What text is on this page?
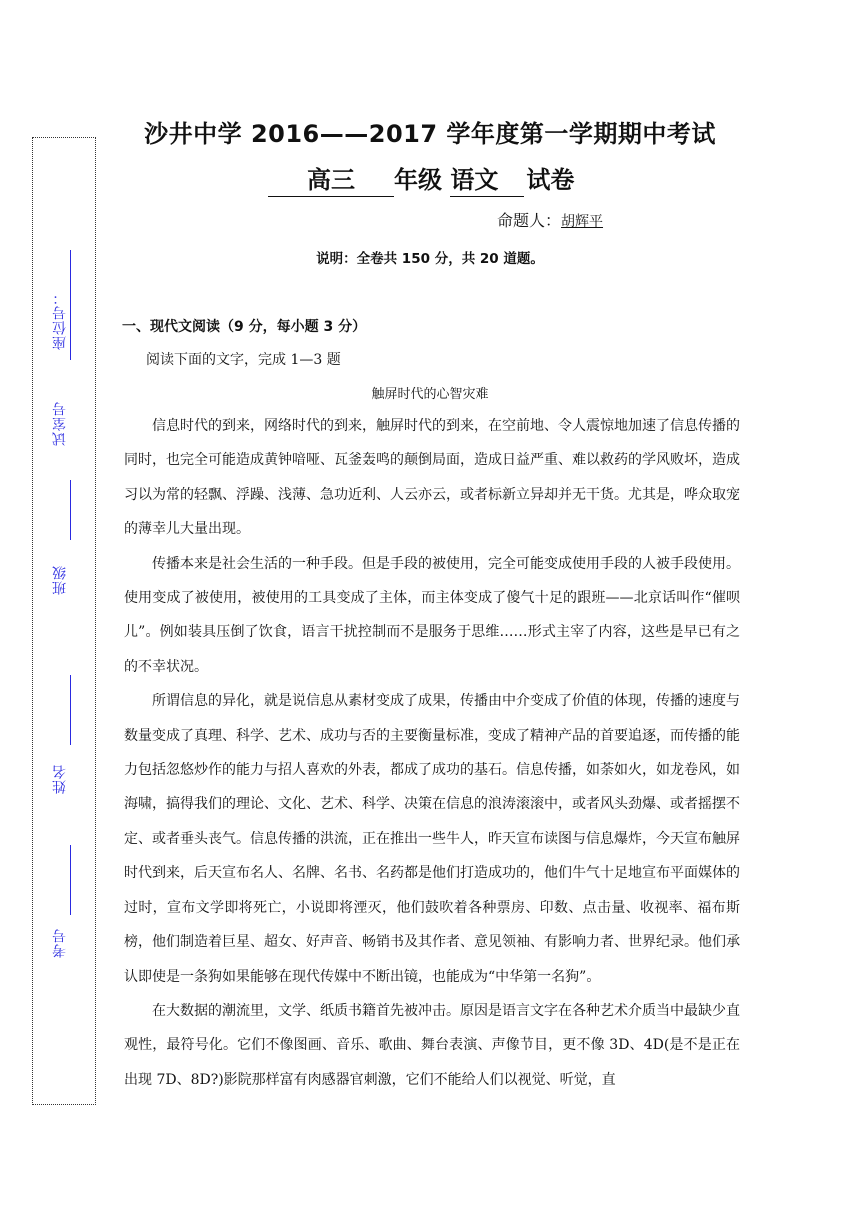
座位号：
试室号
班级
姓名
考号
沙井中学 2016——2017 学年度第一学期期中考试
高三 年级 语文 试卷
命题人：胡辉平
说明：全卷共 150 分，共 20 道题。
一、现代文阅读（9 分，每小题 3 分）
阅读下面的文字，完成 1—3 题
触屏时代的心智灾难

信息时代的到来，网络时代的到来，触屏时代的到来，在空前地、令人震惊地加速了信息传播的同时，也完全可能造成黄钟喑哑、瓦釜轰鸣的颠倒局面，造成日益严重、难以救药的学风败坏，造成习以为常的轻飘、浮躁、浅薄、急功近利、人云亦云，或者标新立异却并无干货。尤其是，哗众取宠的薄幸儿大量出现。

传播本来是社会生活的一种手段。但是手段的被使用，完全可能变成使用手段的人被手段使用。使用变成了被使用，被使用的工具变成了主体，而主体变成了傻气十足的跟班——北京话叫作“催呗儿”。例如装具压倒了饮食，语言干扰控制而不是服务于思维……形式主宰了内容，这些是早已有之的不幸状况。

所谓信息的异化，就是说信息从素材变成了成果，传播由中介变成了价值的体现，传播的速度与数量变成了真理、科学、艺术、成功与否的主要衡量标准，变成了精神产品的首要追逐，而传播的能力包括忽悠炒作的能力与招人喜欢的外表，都成了成功的基石。信息传播，如荼如火，如龙卷风，如海啸，搞得我们的理论、文化、艺术、科学、决策在信息的浪涛滚滚中，或者风头劲爆、或者摇摆不定、或者垂头丧气。信息传播的洪流，正在推出一些牛人，昨天宣布读图与信息爆炸，今天宣布触屏时代到来，后天宣布名人、名牌、名书、名药都是他们打造成功的，他们牛气十足地宣布平面媒体的过时，宣布文学即将死亡，小说即将湮灭，他们鼓吹着各种票房、印数、点击量、收视率、福布斯榜，他们制造着巨星、超女、好声音、畅销书及其作者、意见领袖、有影响力者、世界纪录。他们承认即使是一条狗如果能够在现代传媒中不断出镜，也能成为“中华第一名狗”。

在大数据的潮流里，文学、纸质书籍首先被冲击。原因是语言文字在各种艺术介质当中最缺少直观性，最符号化。它们不像图画、音乐、歌曲、舞台表演、声像节目，更不像 3D、4D(是不是正在出现 7D、8D?)影院那样富有肉感器官刺激，它们不能给人们以视觉、听觉，直
